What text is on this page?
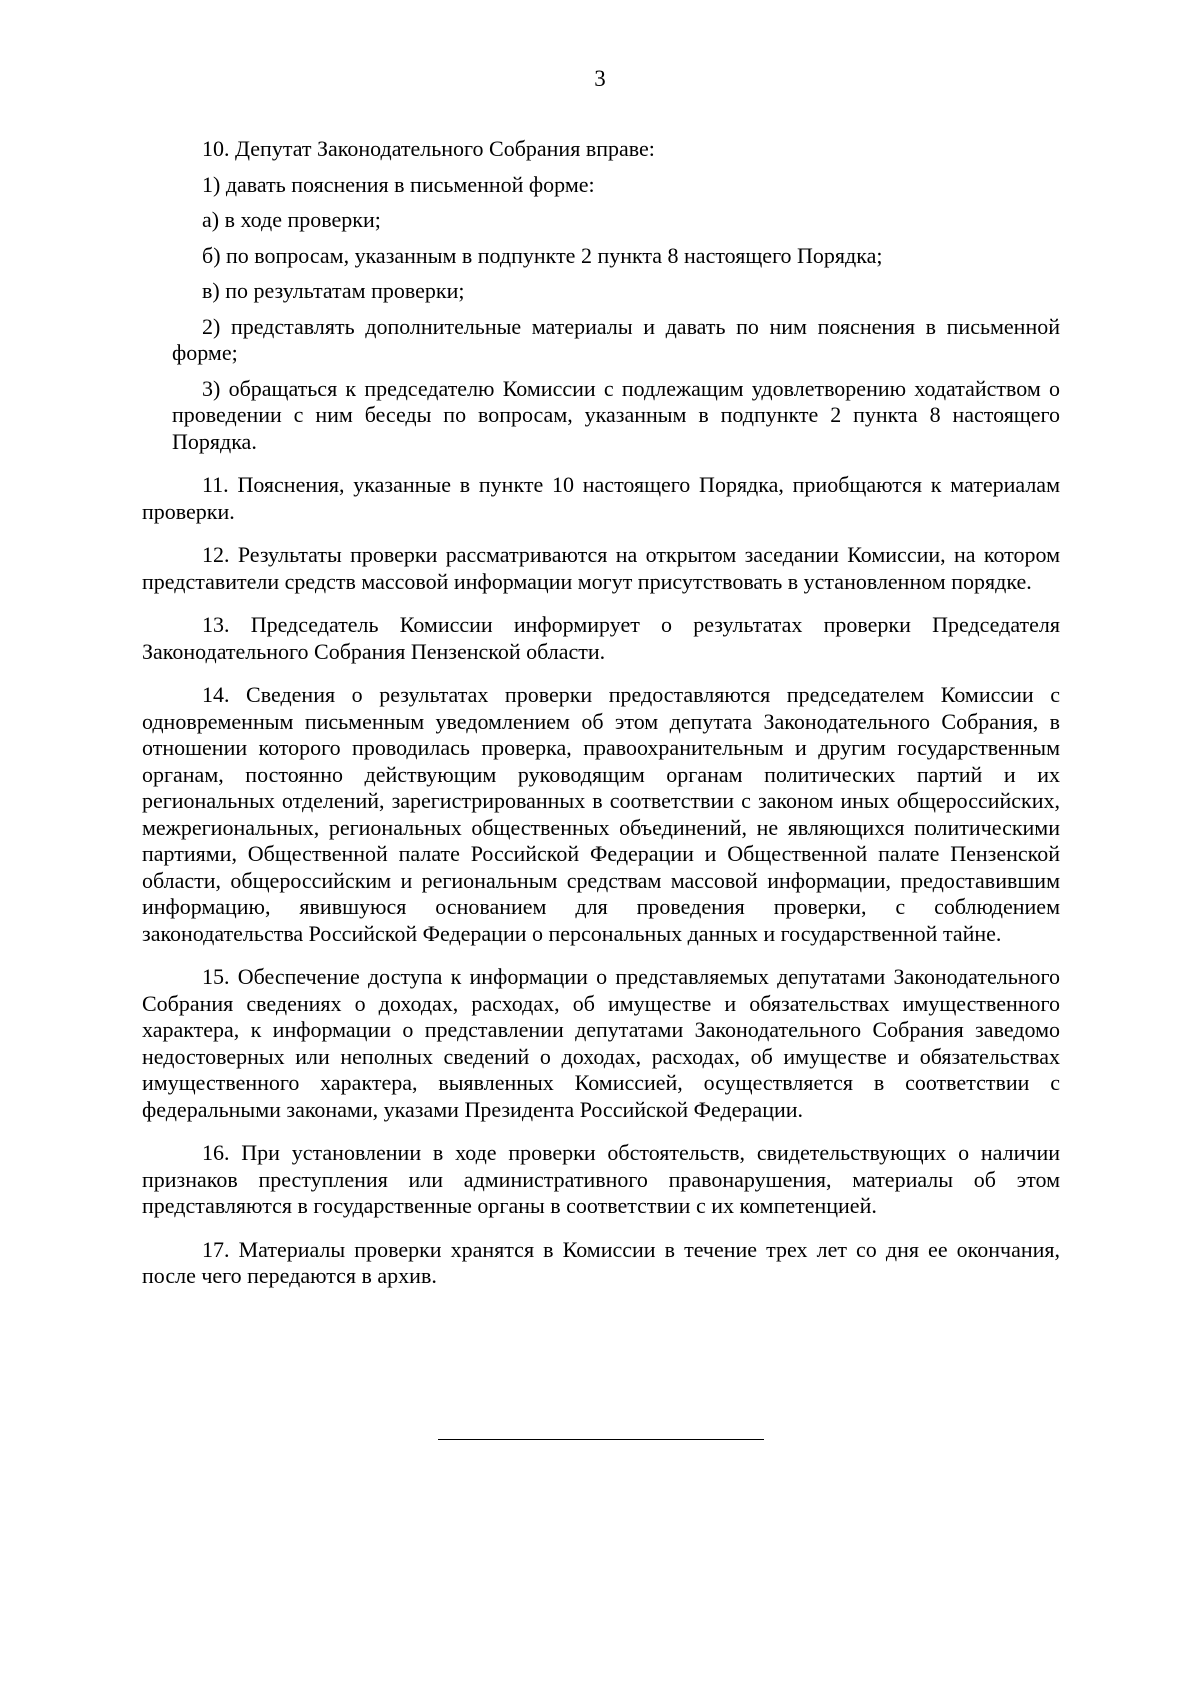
3

10. Депутат Законодательного Собрания вправе:

1) давать пояснения в письменной форме:

а) в ходе проверки;

б) по вопросам, указанным в подпункте 2 пункта 8 настоящего Порядка;

в) по результатам проверки;

2) представлять дополнительные материалы и давать по ним пояснения в письменной форме;

3) обращаться к председателю Комиссии с подлежащим удовлетворению ходатайством о проведении с ним беседы по вопросам, указанным в подпункте 2 пункта 8 настоящего Порядка.

11. Пояснения, указанные в пункте 10 настоящего Порядка, приобщаются к материалам проверки.

12. Результаты проверки рассматриваются на открытом заседании Комиссии, на котором представители средств массовой информации могут присутствовать в установленном порядке.

13. Председатель Комиссии информирует о результатах проверки Председателя Законодательного Собрания Пензенской области.

14. Сведения о результатах проверки предоставляются председателем Комиссии с одновременным письменным уведомлением об этом депутата Законодательного Собрания, в отношении которого проводилась проверка, правоохранительным и другим государственным органам, постоянно действующим руководящим органам политических партий и их региональных отделений, зарегистрированных в соответствии с законом иных общероссийских, межрегиональных, региональных общественных объединений, не являющихся политическими партиями, Общественной палате Российской Федерации и Общественной палате Пензенской области, общероссийским и региональным средствам массовой информации, предоставившим информацию, явившуюся основанием для проведения проверки, с соблюдением законодательства Российской Федерации о персональных данных и государственной тайне.

15. Обеспечение доступа к информации о представляемых депутатами Законодательного Собрания сведениях о доходах, расходах, об имуществе и обязательствах имущественного характера, к информации о представлении депутатами Законодательного Собрания заведомо недостоверных или неполных сведений о доходах, расходах, об имуществе и обязательствах имущественного характера, выявленных Комиссией, осуществляется в соответствии с федеральными законами, указами Президента Российской Федерации.

16. При установлении в ходе проверки обстоятельств, свидетельствующих о наличии признаков преступления или административного правонарушения, материалы об этом представляются в государственные органы в соответствии с их компетенцией.

17. Материалы проверки хранятся в Комиссии в течение трех лет со дня ее окончания, после чего передаются в архив.
